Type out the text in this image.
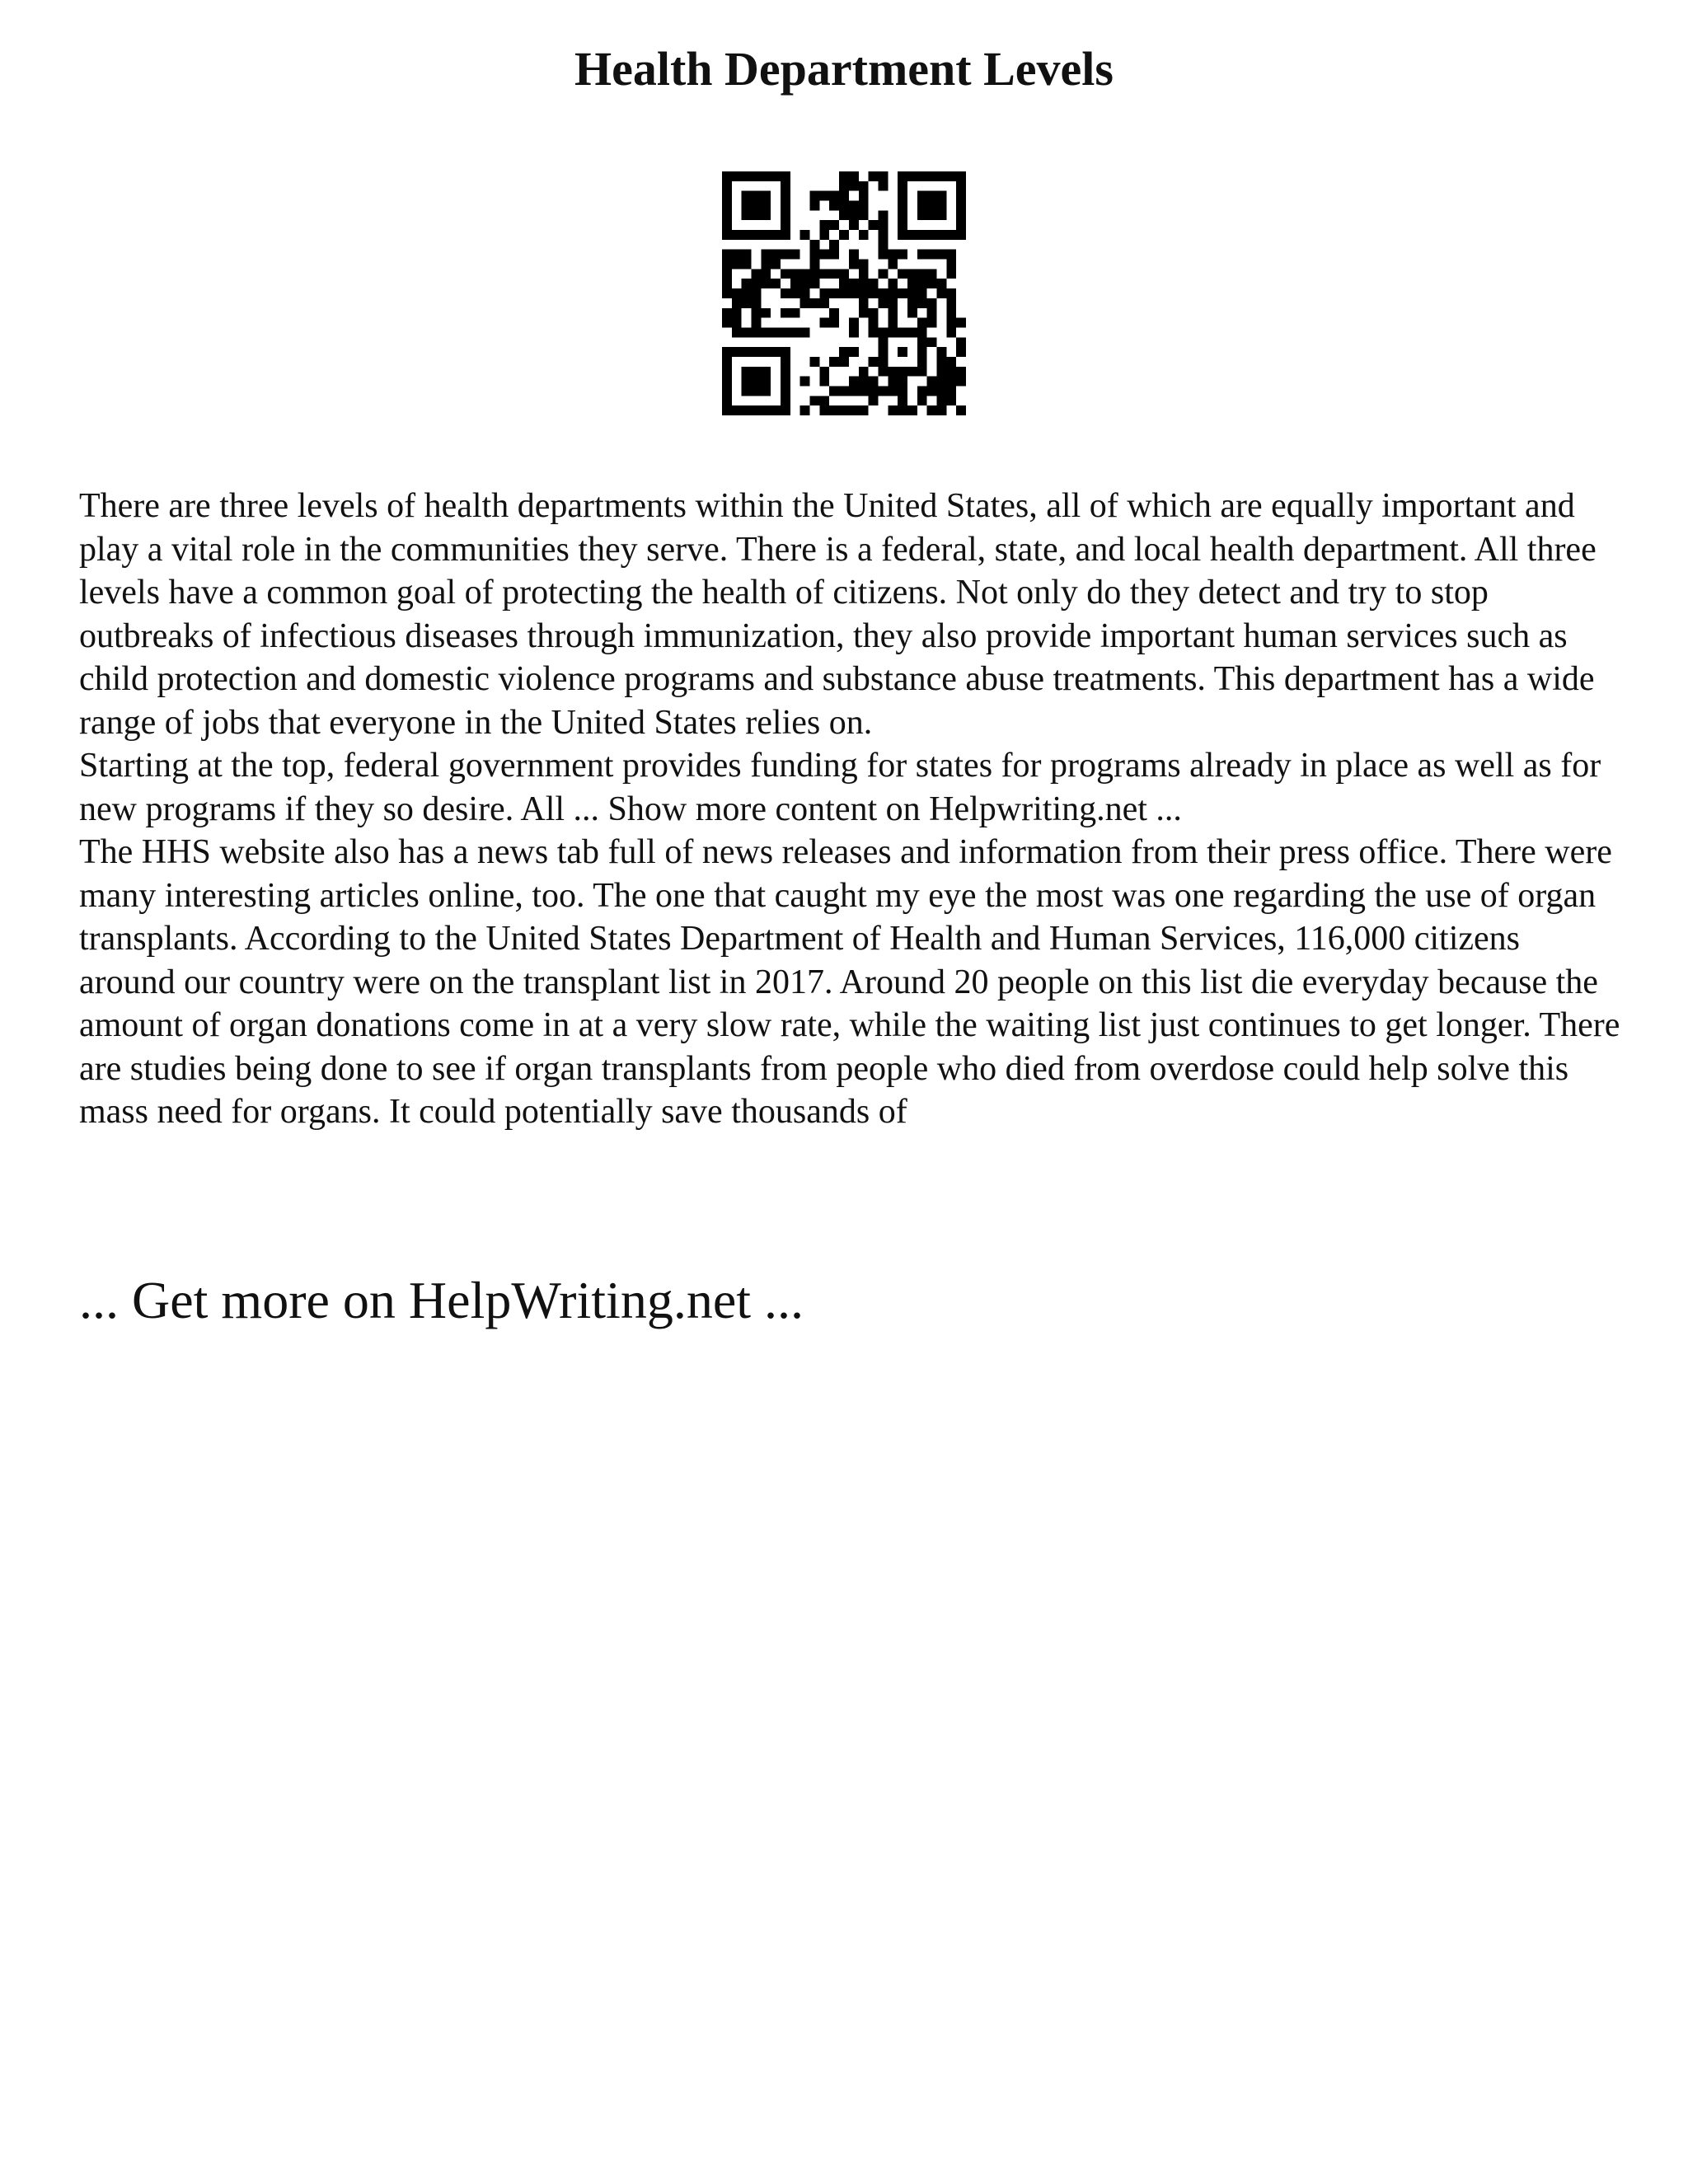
Health Department Levels

There are three levels of health departments within the United States, all of which are equally important and play a vital role in the communities they serve. There is a federal, state, and local health department. All three levels have a common goal of protecting the health of citizens. Not only do they detect and try to stop outbreaks of infectious diseases through immunization, they also provide important human services such as child protection and domestic violence programs and substance abuse treatments. This department has a wide range of jobs that everyone in the United States relies on.

Starting at the top, federal government provides funding for states for programs already in place as well as for new programs if they so desire. All ... Show more content on Helpwriting.net ...

The HHS website also has a news tab full of news releases and information from their press office. There were many interesting articles online, too. The one that caught my eye the most was one regarding the use of organ transplants. According to the United States Department of Health and Human Services, 116,000 citizens around our country were on the transplant list in 2017. Around 20 people on this list die everyday because the amount of organ donations come in at a very slow rate, while the waiting list just continues to get longer. There are studies being done to see if organ transplants from people who died from overdose could help solve this mass need for organs. It could potentially save thousands of

... Get more on HelpWriting.net ...
